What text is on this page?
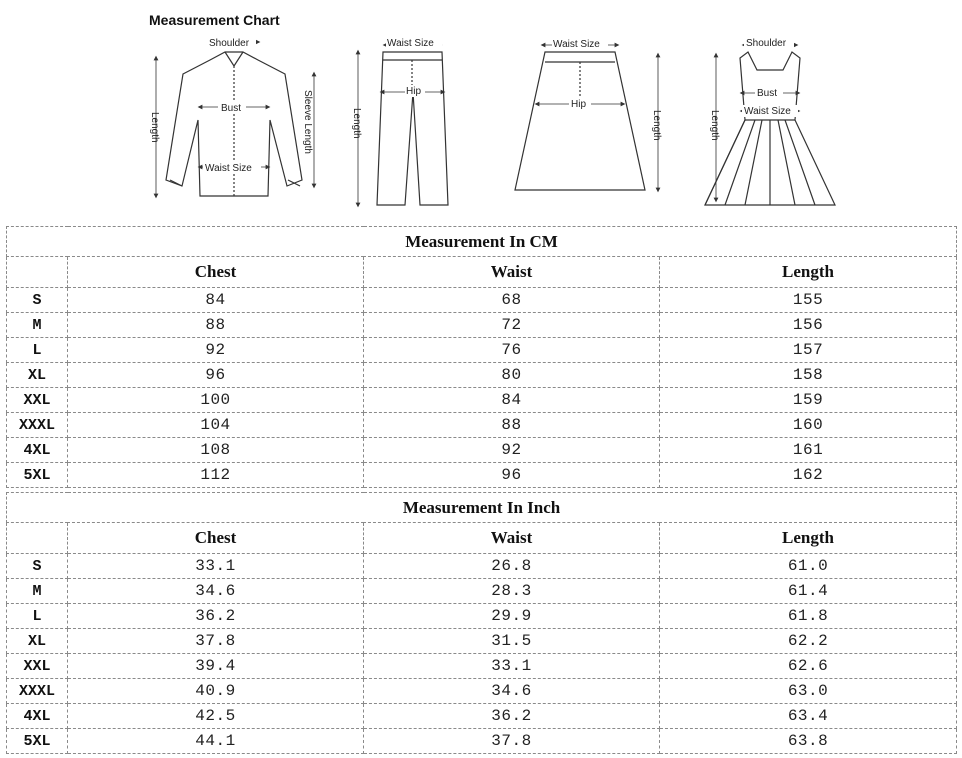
Shoulder
Bust
Waist Size
Length	Sleeve Length
Waist Size
Hip
Length
Waist Size
Hip
Length
Shoulder
Bust
Waist Size
Length
Measurement Chart
Measurement In CM			
	Chest	Waist	Length
S	84	68	155
M	88	72	156
L	92	76	157
XL	96	80	158
XXL	100	84	159
XXXL	104	88	160
4XL	108	92	161
5XL	112	96	162
Measurement In Inch			
	Chest	Waist	Length
S	33.1	26.8	61.0
M	34.6	28.3	61.4
L	36.2	29.9	61.8
XL	37.8	31.5	62.2
XXL	39.4	33.1	62.6
XXXL	40.9	34.6	63.0
4XL	42.5	36.2	63.4
5XL	44.1	37.8	63.8
